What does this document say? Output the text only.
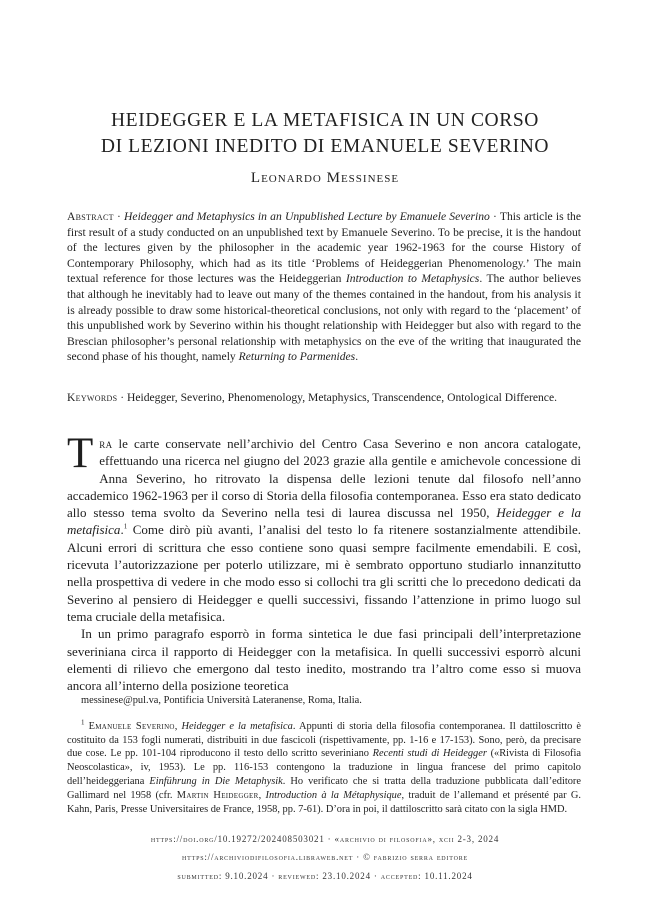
HEIDEGGER E LA METAFISICA IN UN CORSO
DI LEZIONI INEDITO DI EMANUELE SEVERINO
Leonardo Messinese
Abstract · Heidegger and Metaphysics in an Unpublished Lecture by Emanuele Severino · This article is the first result of a study conducted on an unpublished text by Emanuele Severino. To be precise, it is the handout of the lectures given by the philosopher in the academic year 1962-1963 for the course History of Contemporary Philosophy, which had as its title ‘Problems of Heideggerian Phenomenology.’ The main textual reference for those lectures was the Heideggerian Introduction to Metaphysics. The author believes that although he inevitably had to leave out many of the themes contained in the handout, from his analysis it is already possible to draw some historical-theoretical conclusions, not only with regard to the ‘placement’ of this unpublished work by Severino within his thought relationship with Heidegger but also with regard to the Brescian philosopher’s personal relationship with metaphysics on the eve of the writing that inaugurated the second phase of his thought, namely Returning to Parmenides.
Keywords · Heidegger, Severino, Phenomenology, Metaphysics, Transcendence, Ontological Difference.

Tra le carte conservate nell’archivio del Centro Casa Severino e non ancora catalogate, effettuando una ricerca nel giugno del 2023 grazie alla gentile e amichevole concessione di Anna Severino, ho ritrovato la dispensa delle lezioni tenute dal filosofo nell’anno accademico 1962-1963 per il corso di Storia della filosofia contemporanea. Esso era stato dedicato allo stesso tema svolto da Severino nella tesi di laurea discussa nel 1950, Heidegger e la metafisica.$^1$ Come dirò più avanti, l’analisi del testo lo fa ritenere sostanzialmente attendibile. Alcuni errori di scrittura che esso contiene sono quasi sempre facilmente emendabili. E così, ricevuta l’autorizzazione per poterlo utilizzare, mi è sembrato opportuno studiarlo innanzitutto nella prospettiva di vedere in che modo esso si collochi tra gli scritti che lo precedono dedicati da Severino al pensiero di Heidegger e quelli successivi, fissando l’attenzione in primo luogo sul tema cruciale della metafisica.

In un primo paragrafo esporrò in forma sintetica le due fasi principali dell’interpretazione severiniana circa il rapporto di Heidegger con la metafisica. In quelli successivi esporrò alcuni elementi di rilievo che emergono dal testo inedito, mostrando tra l’altro come esso si muova ancora all’interno della posizione teoretica

messinese@pul.va, Pontificia Università Lateranense, Roma, Italia.

$^1$ Emanuele Severino, Heidegger e la metafisica. Appunti di storia della filosofia contemporanea. Il dattiloscritto è costituito da 153 fogli numerati, distribuiti in due fascicoli (rispettivamente, pp. 1-16 e 17-153). Sono, però, da precisare due cose. Le pp. 101-104 riproducono il testo dello scritto severiniano Recenti studi di Heidegger («Rivista di Filosofia Neoscolastica», iv, 1953). Le pp. 116-153 contengono la traduzione in lingua francese del primo capitolo dell’heideggeriana Einführung in Die Metaphysik. Ho verificato che si tratta della traduzione pubblicata dall’editore Gallimard nel 1958 (cfr. Martin Heidegger, Introduction à la Métaphysique, traduit de l’allemand et présenté par G. Kahn, Paris, Presse Universitaires de France, 1958, pp. 7-61). D’ora in poi, il dattiloscritto sarà citato con la sigla HMD.

https://doi.org/10.19272/202408503021 · «archivio di filosofia», xcii 2-3, 2024
https://archiviodifilosofia.libraweb.net · © fabrizio serra editore
submitted: 9.10.2024 · reviewed: 23.10.2024 · accepted: 10.11.2024
